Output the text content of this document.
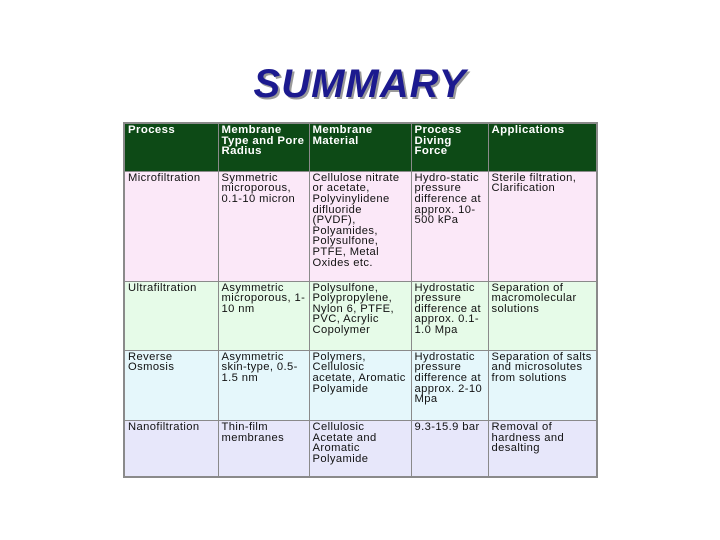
SUMMARY
Process	Membrane Type and Pore Radius	Membrane Material	Process Diving Force	Applications
Microfiltration	Symmetric microporous, 0.1-10 micron	Cellulose nitrate or acetate, Polyvinylidene difluoride (PVDF), Polyamides, Polysulfone, PTFE, Metal Oxides etc.	Hydro-static pressure difference at approx. 10-500 kPa	Sterile filtration, Clarification
Ultrafiltration	Asymmetric microporous, 1-10 nm	Polysulfone, Polypropylene, Nylon 6, PTFE, PVC, Acrylic Copolymer	Hydrostatic pressure difference at approx. 0.1-1.0 Mpa	Separation of macromolecular solutions
Reverse Osmosis	Asymmetric skin-type, 0.5-1.5 nm	Polymers, Cellulosic acetate, Aromatic Polyamide	Hydrostatic pressure difference at approx. 2-10 Mpa	Separation of salts and microsolutes from solutions
Nanofiltration	Thin-film membranes	Cellulosic Acetate and Aromatic Polyamide	9.3-15.9 bar	Removal of hardness and desalting
